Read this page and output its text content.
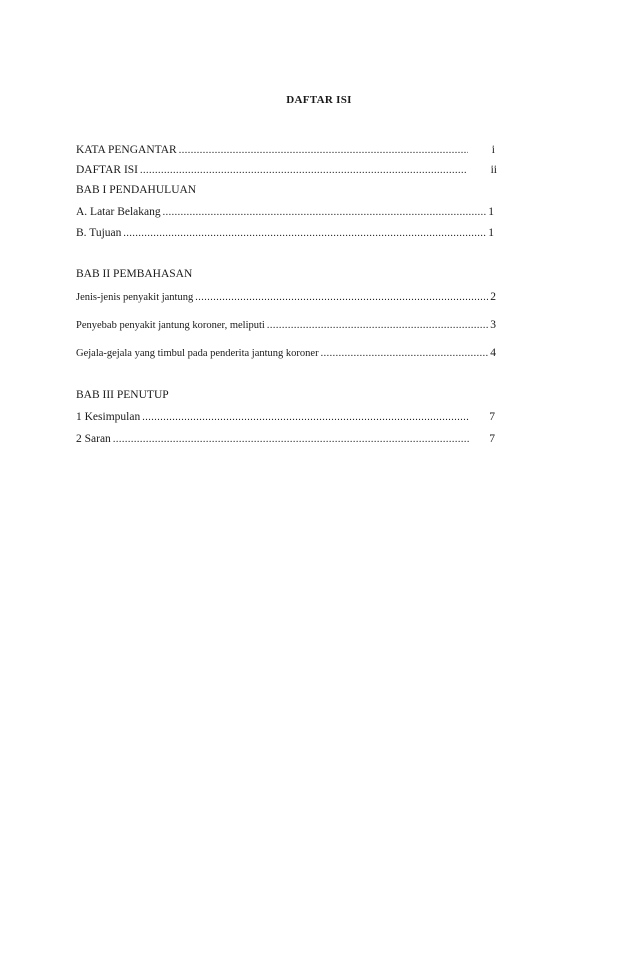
DAFTAR ISI
KATA PENGANTAR .....	i
DAFTAR ISI .....	ii
BAB I PENDAHULUAN
A. Latar Belakang .....	1
B. Tujuan .....	1
BAB II PEMBAHASAN
Jenis-jenis penyakit jantung .....	2
Penyebab penyakit jantung koroner, meliputi .....	3
Gejala-gejala yang timbul pada penderita jantung koroner .....	4
BAB III PENUTUP
1 Kesimpulan .....	7
2 Saran .....	7
